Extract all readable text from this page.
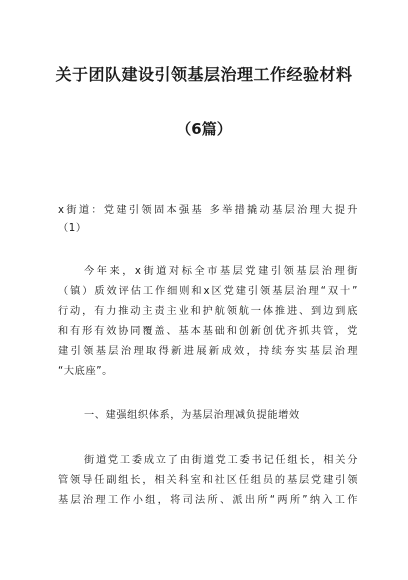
关于团队建设引领基层治理工作经验材料
（6篇）
x街道：党建引领固本强基 多举措撬动基层治理大提升
（1）
今年来，x街道对标全市基层党建引领基层治理街
（镇）质效评估工作细则和x区党建引领基层治理“双十”
行动，有力推动主责主业和护航领航一体推进、到边到底
和有形有效协同覆盖、基本基础和创新创优齐抓共管，党
建引领基层治理取得新进展新成效，持续夯实基层治理
“大底座”。
一、建强组织体系，为基层治理减负提能增效
街道党工委成立了由街道党工委书记任组长，相关分
管领导任副组长，相关科室和社区任组员的基层党建引领
基层治理工作小组，将司法所、派出所“两所”纳入工作
